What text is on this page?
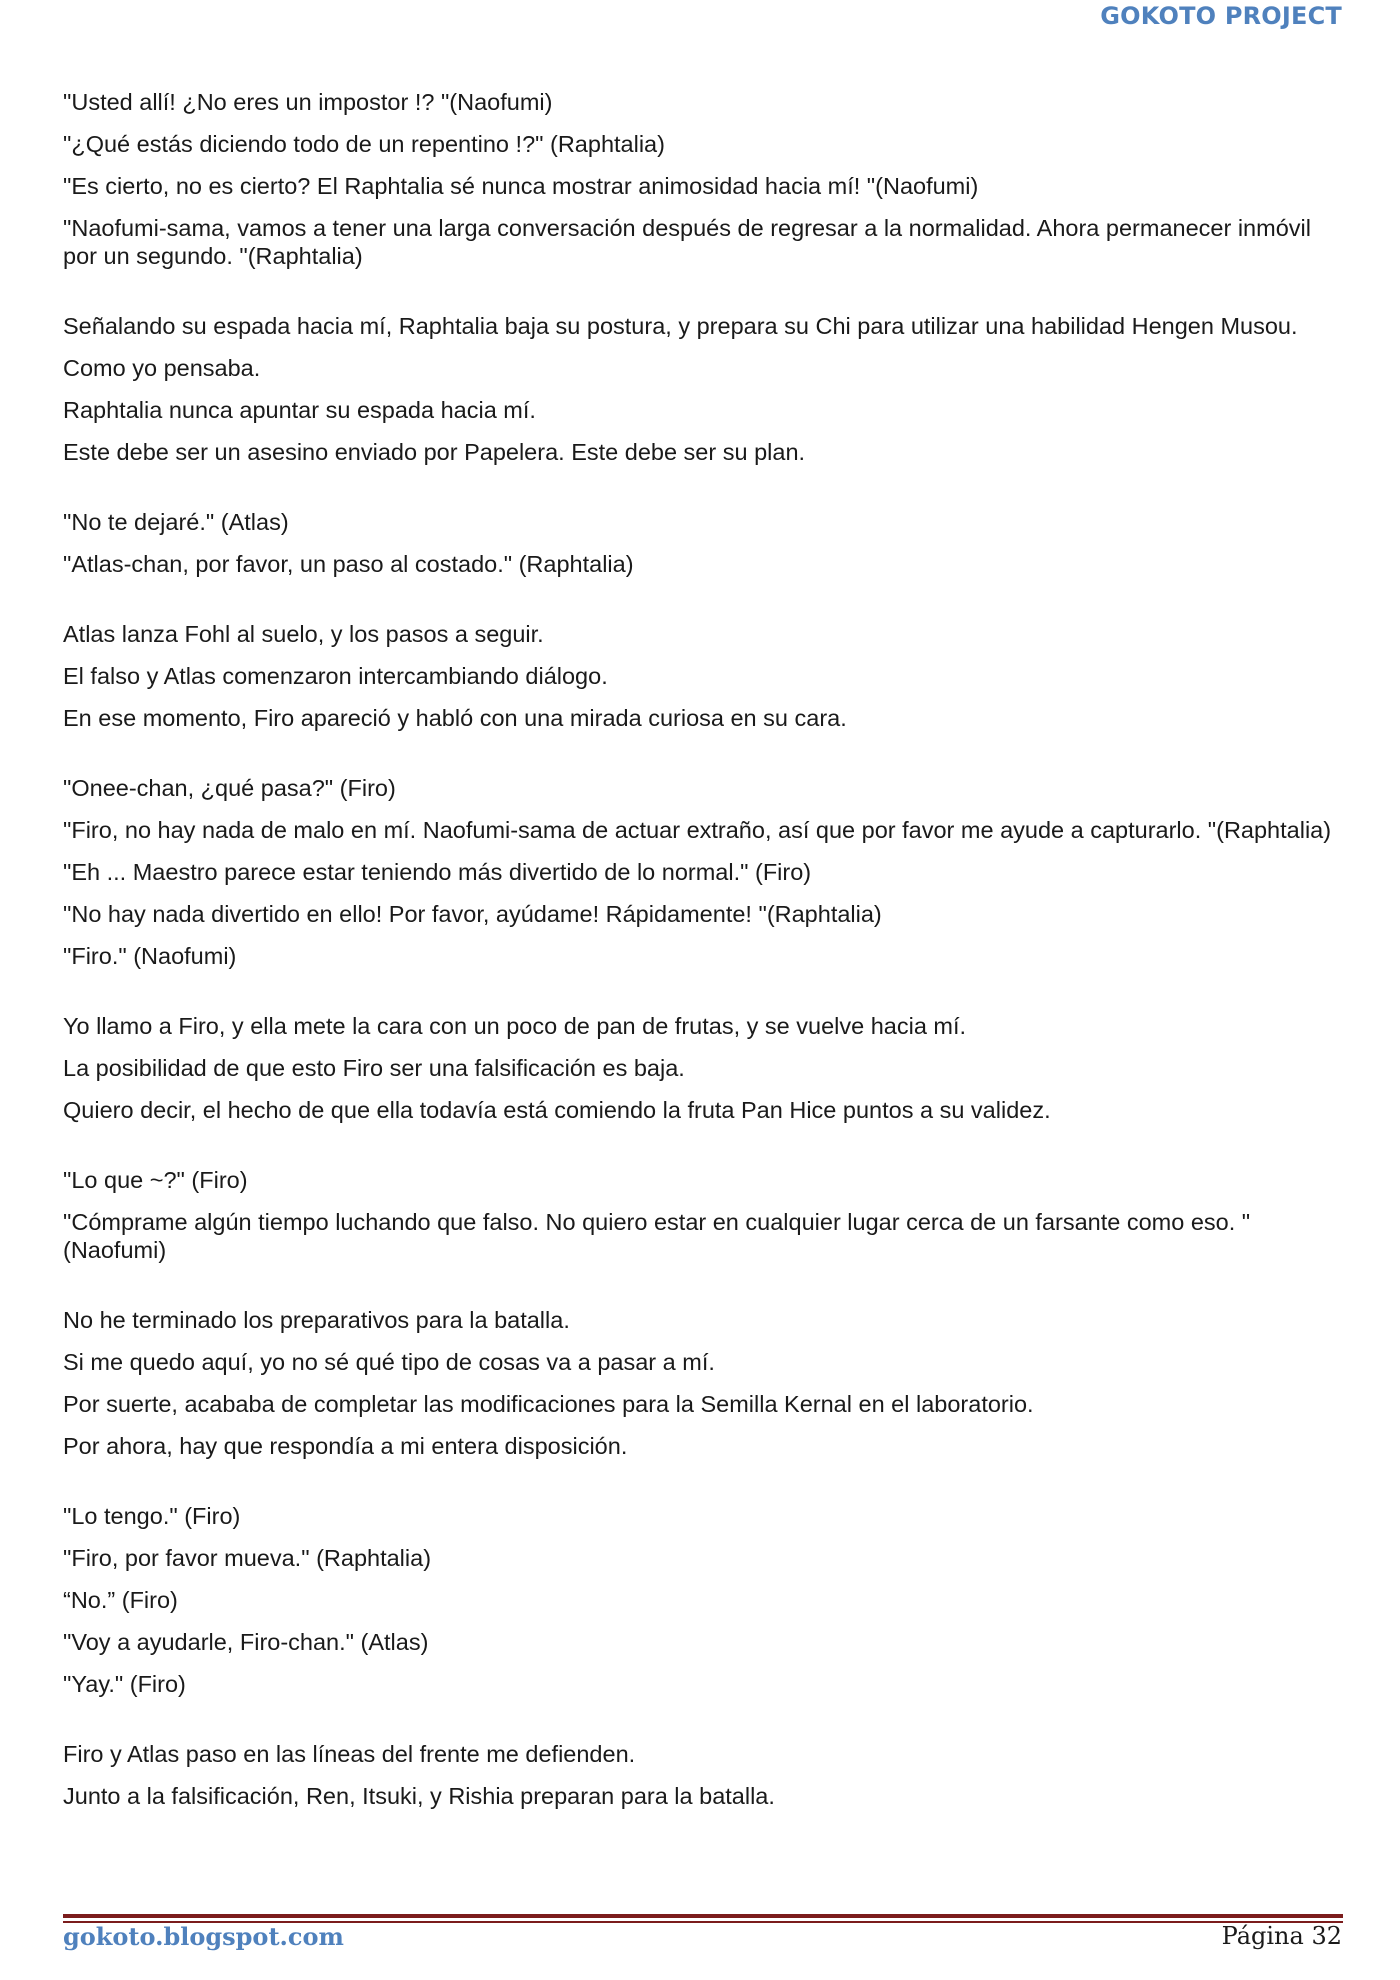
GOKOTO PROJECT

"Usted allí! ¿No eres un impostor !? "(Naofumi)

"¿Qué estás diciendo todo de un repentino !?" (Raphtalia)

"Es cierto, no es cierto? El Raphtalia sé nunca mostrar animosidad hacia mí! "(Naofumi)

"Naofumi-sama, vamos a tener una larga conversación después de regresar a la normalidad. Ahora permanecer inmóvil por un segundo. "(Raphtalia)

Señalando su espada hacia mí, Raphtalia baja su postura, y prepara su Chi para utilizar una habilidad Hengen Musou.

Como yo pensaba.

Raphtalia nunca apuntar su espada hacia mí.

Este debe ser un asesino enviado por Papelera. Este debe ser su plan.

"No te dejaré." (Atlas)

"Atlas-chan, por favor, un paso al costado." (Raphtalia)

Atlas lanza Fohl al suelo, y los pasos a seguir.

El falso y Atlas comenzaron intercambiando diálogo.

En ese momento, Firo apareció y habló con una mirada curiosa en su cara.

"Onee-chan, ¿qué pasa?" (Firo)

"Firo, no hay nada de malo en mí. Naofumi-sama de actuar extraño, así que por favor me ayude a capturarlo. "(Raphtalia)

"Eh ... Maestro parece estar teniendo más divertido de lo normal." (Firo)

"No hay nada divertido en ello! Por favor, ayúdame! Rápidamente! "(Raphtalia)

"Firo." (Naofumi)

Yo llamo a Firo, y ella mete la cara con un poco de pan de frutas, y se vuelve hacia mí.

La posibilidad de que esto Firo ser una falsificación es baja.

Quiero decir, el hecho de que ella todavía está comiendo la fruta Pan Hice puntos a su validez.

"Lo que ~?" (Firo)

"Cómprame algún tiempo luchando que falso. No quiero estar en cualquier lugar cerca de un farsante como eso. "(Naofumi)

No he terminado los preparativos para la batalla.

Si me quedo aquí, yo no sé qué tipo de cosas va a pasar a mí.

Por suerte, acababa de completar las modificaciones para la Semilla Kernal en el laboratorio.

Por ahora, hay que respondía a mi entera disposición.

"Lo tengo." (Firo)

"Firo, por favor mueva." (Raphtalia)

“No.” (Firo)

"Voy a ayudarle, Firo-chan." (Atlas)

"Yay." (Firo)

Firo y Atlas paso en las líneas del frente me defienden.

Junto a la falsificación, Ren, Itsuki, y Rishia preparan para la batalla.

gokoto.blogspot.com	Página 32
